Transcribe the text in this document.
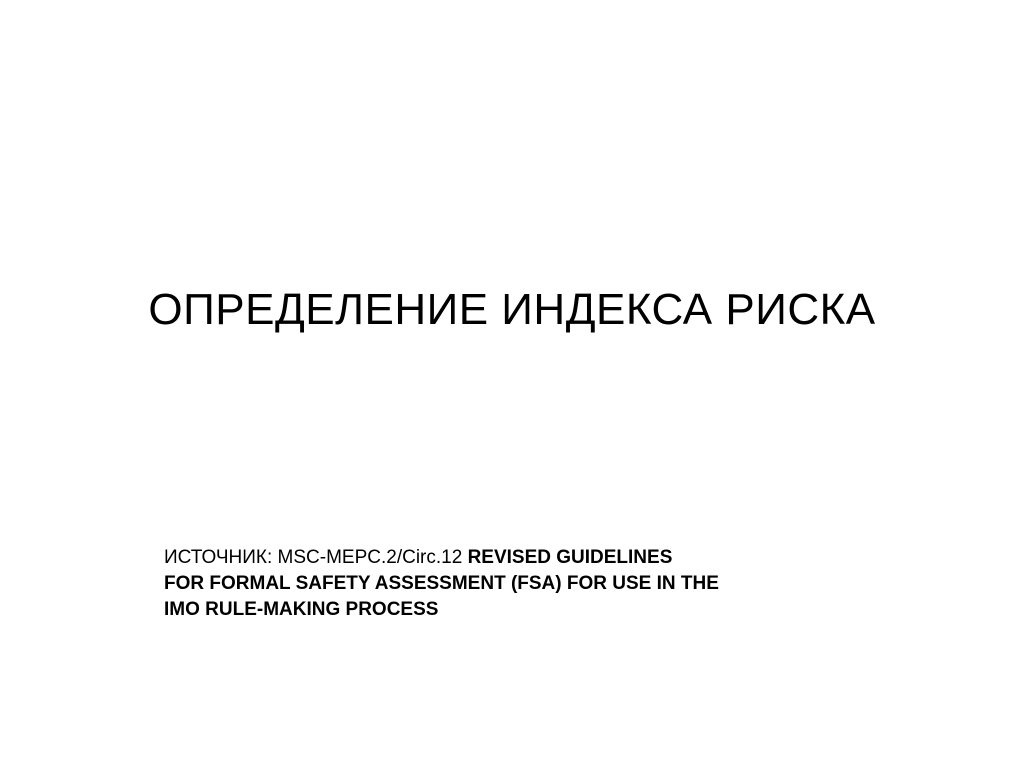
ОПРЕДЕЛЕНИЕ ИНДЕКСА РИСКА
ИСТОЧНИК: MSC-MEPC.2/Circ.12 REVISED GUIDELINES
FOR FORMAL SAFETY ASSESSMENT (FSA) FOR USE IN THE
IMO RULE-MAKING PROCESS
